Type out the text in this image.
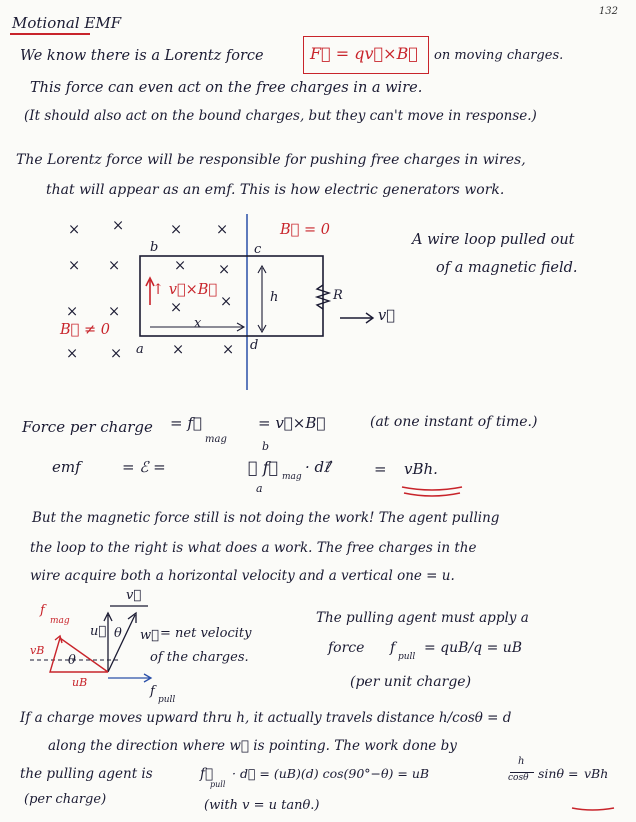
132
Motional EMF
We know there is a Lorentz force	F⃗ = qv⃗×B⃗ on moving charges.
This force can even act on the free charges in a wire.
(It should also act on the bound charges, but they can't move in response.)
The Lorentz force will be responsible for pushing free charges in wires,
that will appear as an emf. This is how electric generators work.
× ×	× ×
× ×	× ×
×	×
× ×
× ×	×	×
B⃗ = 0
B⃗ ≠ 0
↑ v⃗×B⃗
b	c
a	d
h
x
R
v⃗
A wire loop pulled out
of a magnetic field.
Force per charge = f⃗
mag
= v⃗×B⃗	(at one instant of time.)
emf	= ℰ =
b
∮ f⃗ mag
· dℓ⃗
a
= vBh.
But the magnetic force still is not doing the work! The agent pulling
the loop to the right is what does a work. The free charges in the
wire acquire both a horizontal velocity and a vertical one = u.
v⃗
f
mag
u⃗ θ
θ
w⃗ = net velocity
of the charges.
vB
uB
f
pull
The pulling agent must apply a
force f
pull
= quB/q = uB
(per unit charge)
If a charge moves upward thru h, it actually travels distance h/cosθ = d
along the direction where w⃗ is pointing. The work done by
the pulling agent is	f⃗
pull
· d⃗ = (uB)(d) cos(90°−θ) = uB
h
cosθ sinθ = vBh
(per charge)	(with v = u tanθ.)
